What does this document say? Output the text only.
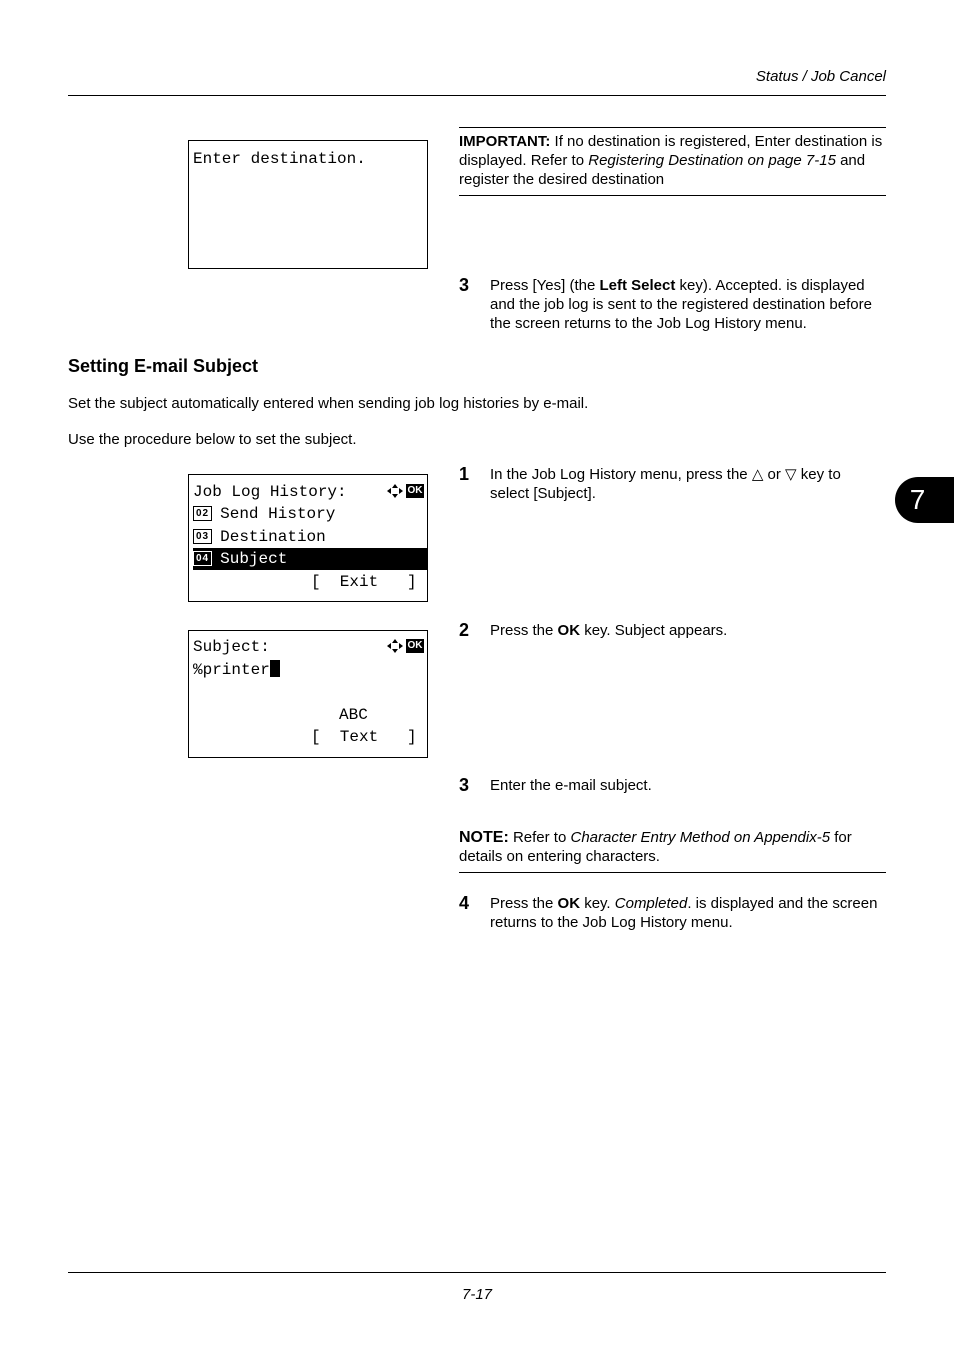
Status / Job Cancel
7
Enter destination.
IMPORTANT: If no destination is registered, Enter destination is displayed. Refer to Registering Destination on page 7-15 and register the desired destination
3 Press [Yes] (the Left Select key). Accepted. is displayed and the job log is sent to the registered destination before the screen returns to the Job Log History menu.
Setting E-mail Subject
Set the subject automatically entered when sending job log histories by e-mail.
Use the procedure below to set the subject.
Job Log History:	OK
02 Send History
03 Destination
04 Subject
[  Exit   ]
1 In the Job Log History menu, press the △ or ▽ key to select [Subject].
Subject:	OK
%printer
ABC
[  Text   ]
2 Press the OK key. Subject appears.
3 Enter the e-mail subject.
NOTE: Refer to Character Entry Method on Appendix-5 for details on entering characters.
4 Press the OK key. Completed. is displayed and the screen returns to the Job Log History menu.
7-17
